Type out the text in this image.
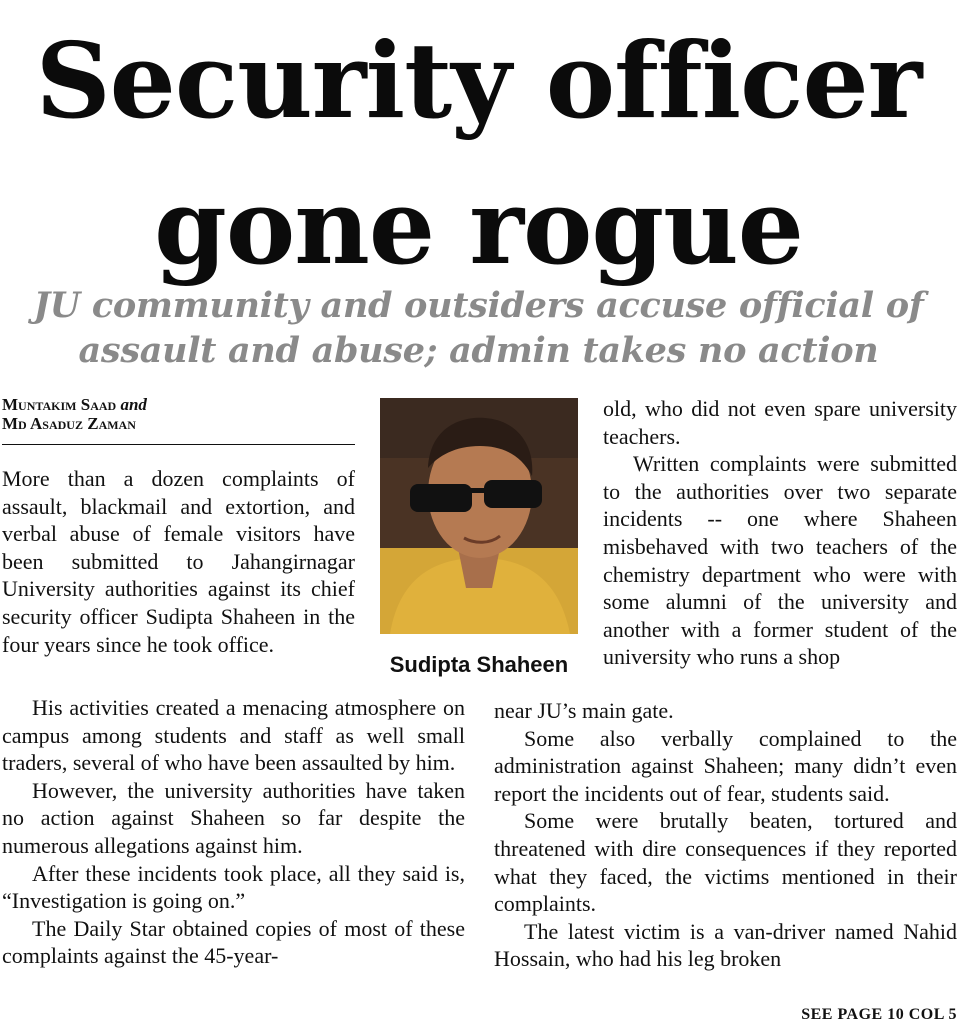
Security officer
gone rogue
JU community and outsiders accuse official of
assault and abuse; admin takes no action
Muntakim Saad and
Md Asaduz Zaman

More than a dozen complaints of assault, blackmail and extortion, and verbal abuse of female visitors have been submitted to Jahangirnagar University authorities against its chief security officer Sudipta Shaheen in the four years since he took office.

Sudipta Shaheen

old, who did not even spare university teachers.

Written complaints were submitted to the authorities over two separate incidents -- one where Shaheen misbehaved with two teachers of the chemistry department who were with some alumni of the university and another with a former student of the university who runs a shop

His activities created a menacing atmosphere on campus among students and staff as well small traders, several of who have been assaulted by him.

However, the university authorities have taken no action against Shaheen so far despite the numerous allegations against him.

After these incidents took place, all they said is, “Investigation is going on.”

The Daily Star obtained copies of most of these complaints against the 45-year-

near JU’s main gate.

Some also verbally complained to the administration against Shaheen; many didn’t even report the incidents out of fear, students said.

Some were brutally beaten, tortured and threatened with dire consequences if they reported what they faced, the victims mentioned in their complaints.

The latest victim is a van-driver named Nahid Hossain, who had his leg broken

SEE PAGE 10 COL 5
